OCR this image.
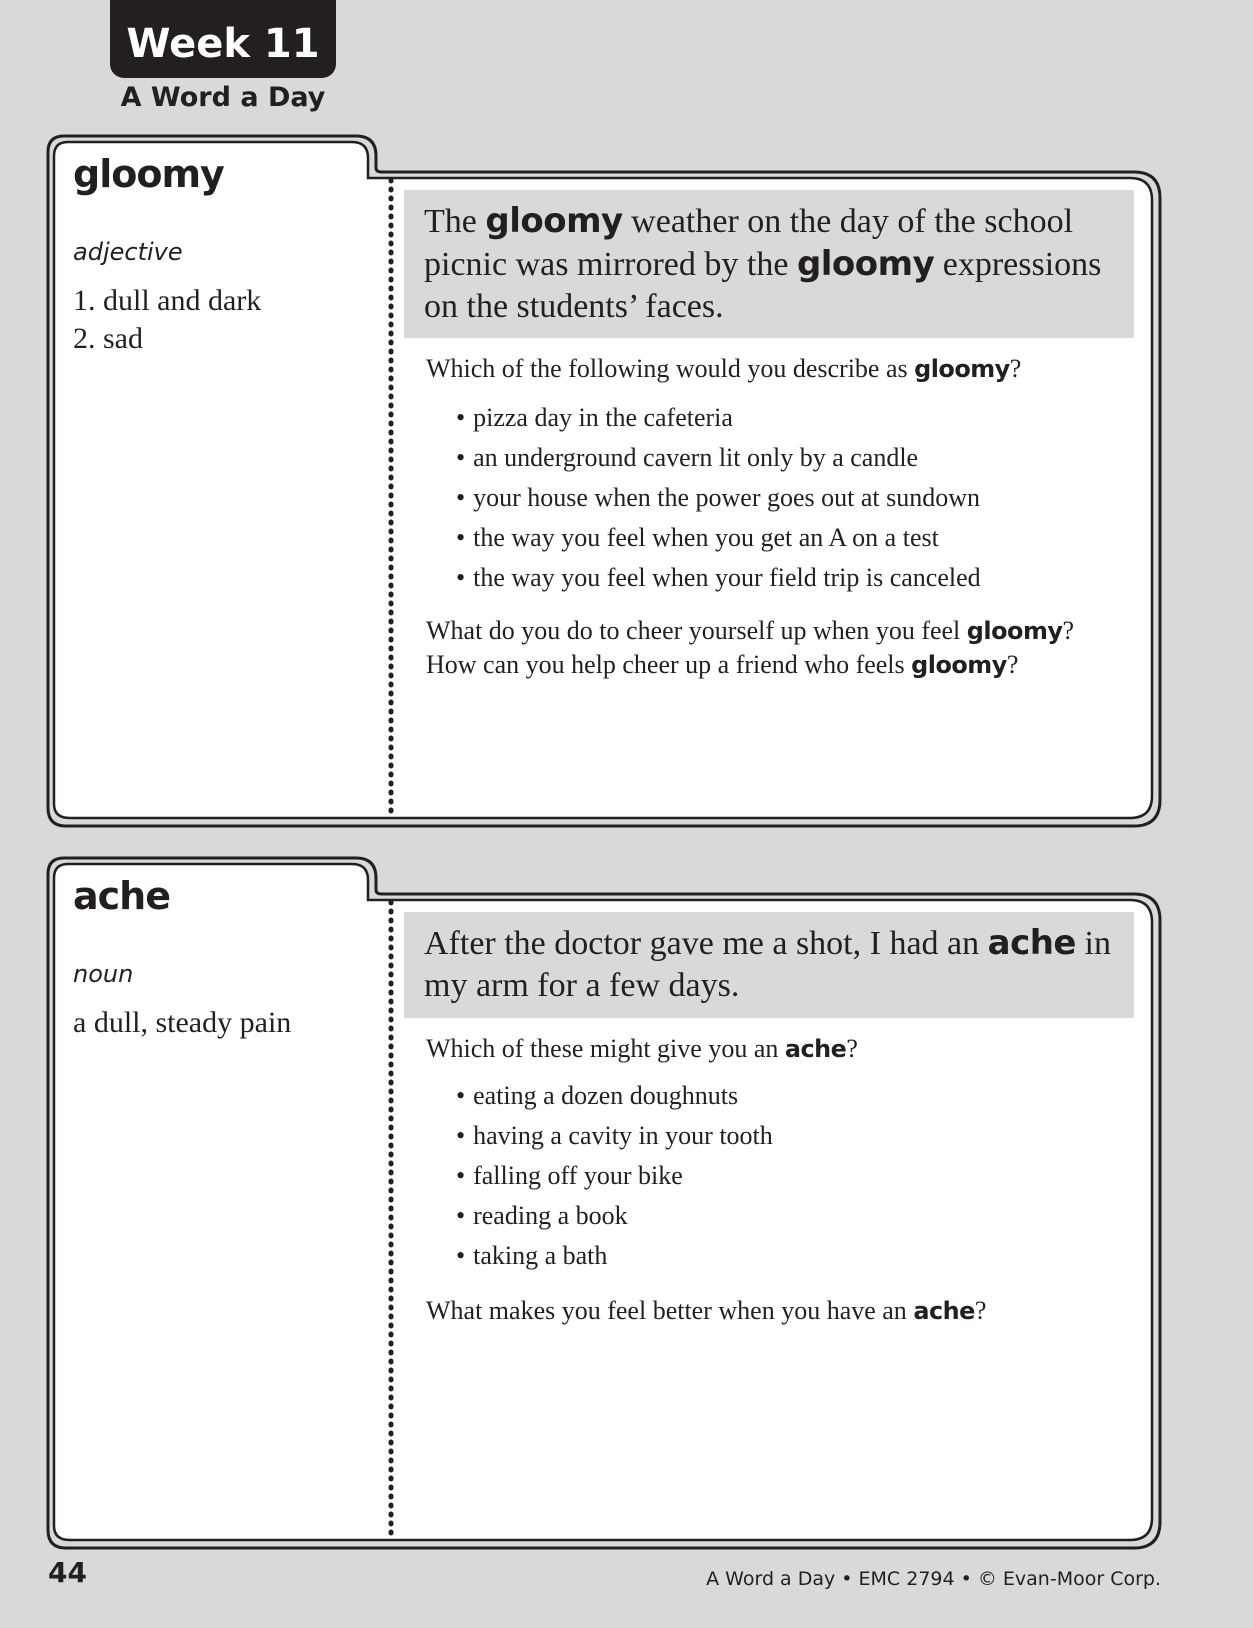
Week 11
A Word a Day
gloomy
adjective
1. dull and dark
2. sad
The gloomy weather on the day of the school picnic was mirrored by the gloomy expressions on the students’ faces.
Which of the following would you describe as gloomy?
• pizza day in the cafeteria
• an underground cavern lit only by a candle
• your house when the power goes out at sundown
• the way you feel when you get an A on a test
• the way you feel when your field trip is canceled
What do you do to cheer yourself up when you feel gloomy?
How can you help cheer up a friend who feels gloomy?
ache
noun
a dull, steady pain
After the doctor gave me a shot, I had an ache in my arm for a few days.
Which of these might give you an ache?
• eating a dozen doughnuts
• having a cavity in your tooth
• falling off your bike
• reading a book
• taking a bath
What makes you feel better when you have an ache?
44	A Word a Day • EMC 2794 • © Evan-Moor Corp.
